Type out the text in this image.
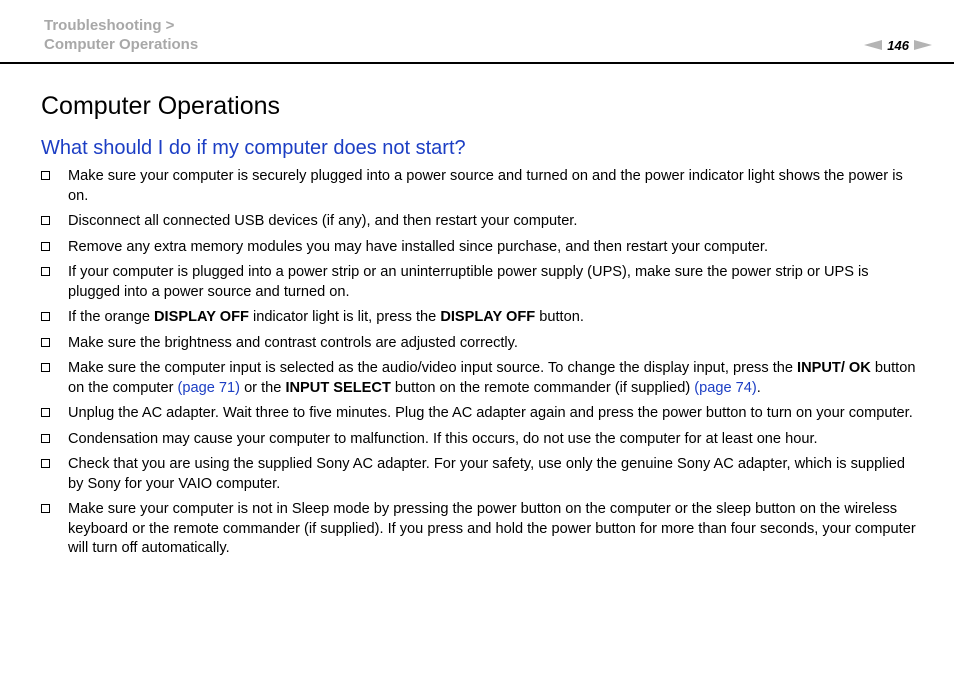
Troubleshooting >
Computer Operations	146
Computer Operations
What should I do if my computer does not start?
Make sure your computer is securely plugged into a power source and turned on and the power indicator light shows the power is on.
Disconnect all connected USB devices (if any), and then restart your computer.
Remove any extra memory modules you may have installed since purchase, and then restart your computer.
If your computer is plugged into a power strip or an uninterruptible power supply (UPS), make sure the power strip or UPS is plugged into a power source and turned on.
If the orange DISPLAY OFF indicator light is lit, press the DISPLAY OFF button.
Make sure the brightness and contrast controls are adjusted correctly.
Make sure the computer input is selected as the audio/video input source. To change the display input, press the INPUT/ OK button on the computer (page 71) or the INPUT SELECT button on the remote commander (if supplied) (page 74).
Unplug the AC adapter. Wait three to five minutes. Plug the AC adapter again and press the power button to turn on your computer.
Condensation may cause your computer to malfunction. If this occurs, do not use the computer for at least one hour.
Check that you are using the supplied Sony AC adapter. For your safety, use only the genuine Sony AC adapter, which is supplied by Sony for your VAIO computer.
Make sure your computer is not in Sleep mode by pressing the power button on the computer or the sleep button on the wireless keyboard or the remote commander (if supplied). If you press and hold the power button for more than four seconds, your computer will turn off automatically.
